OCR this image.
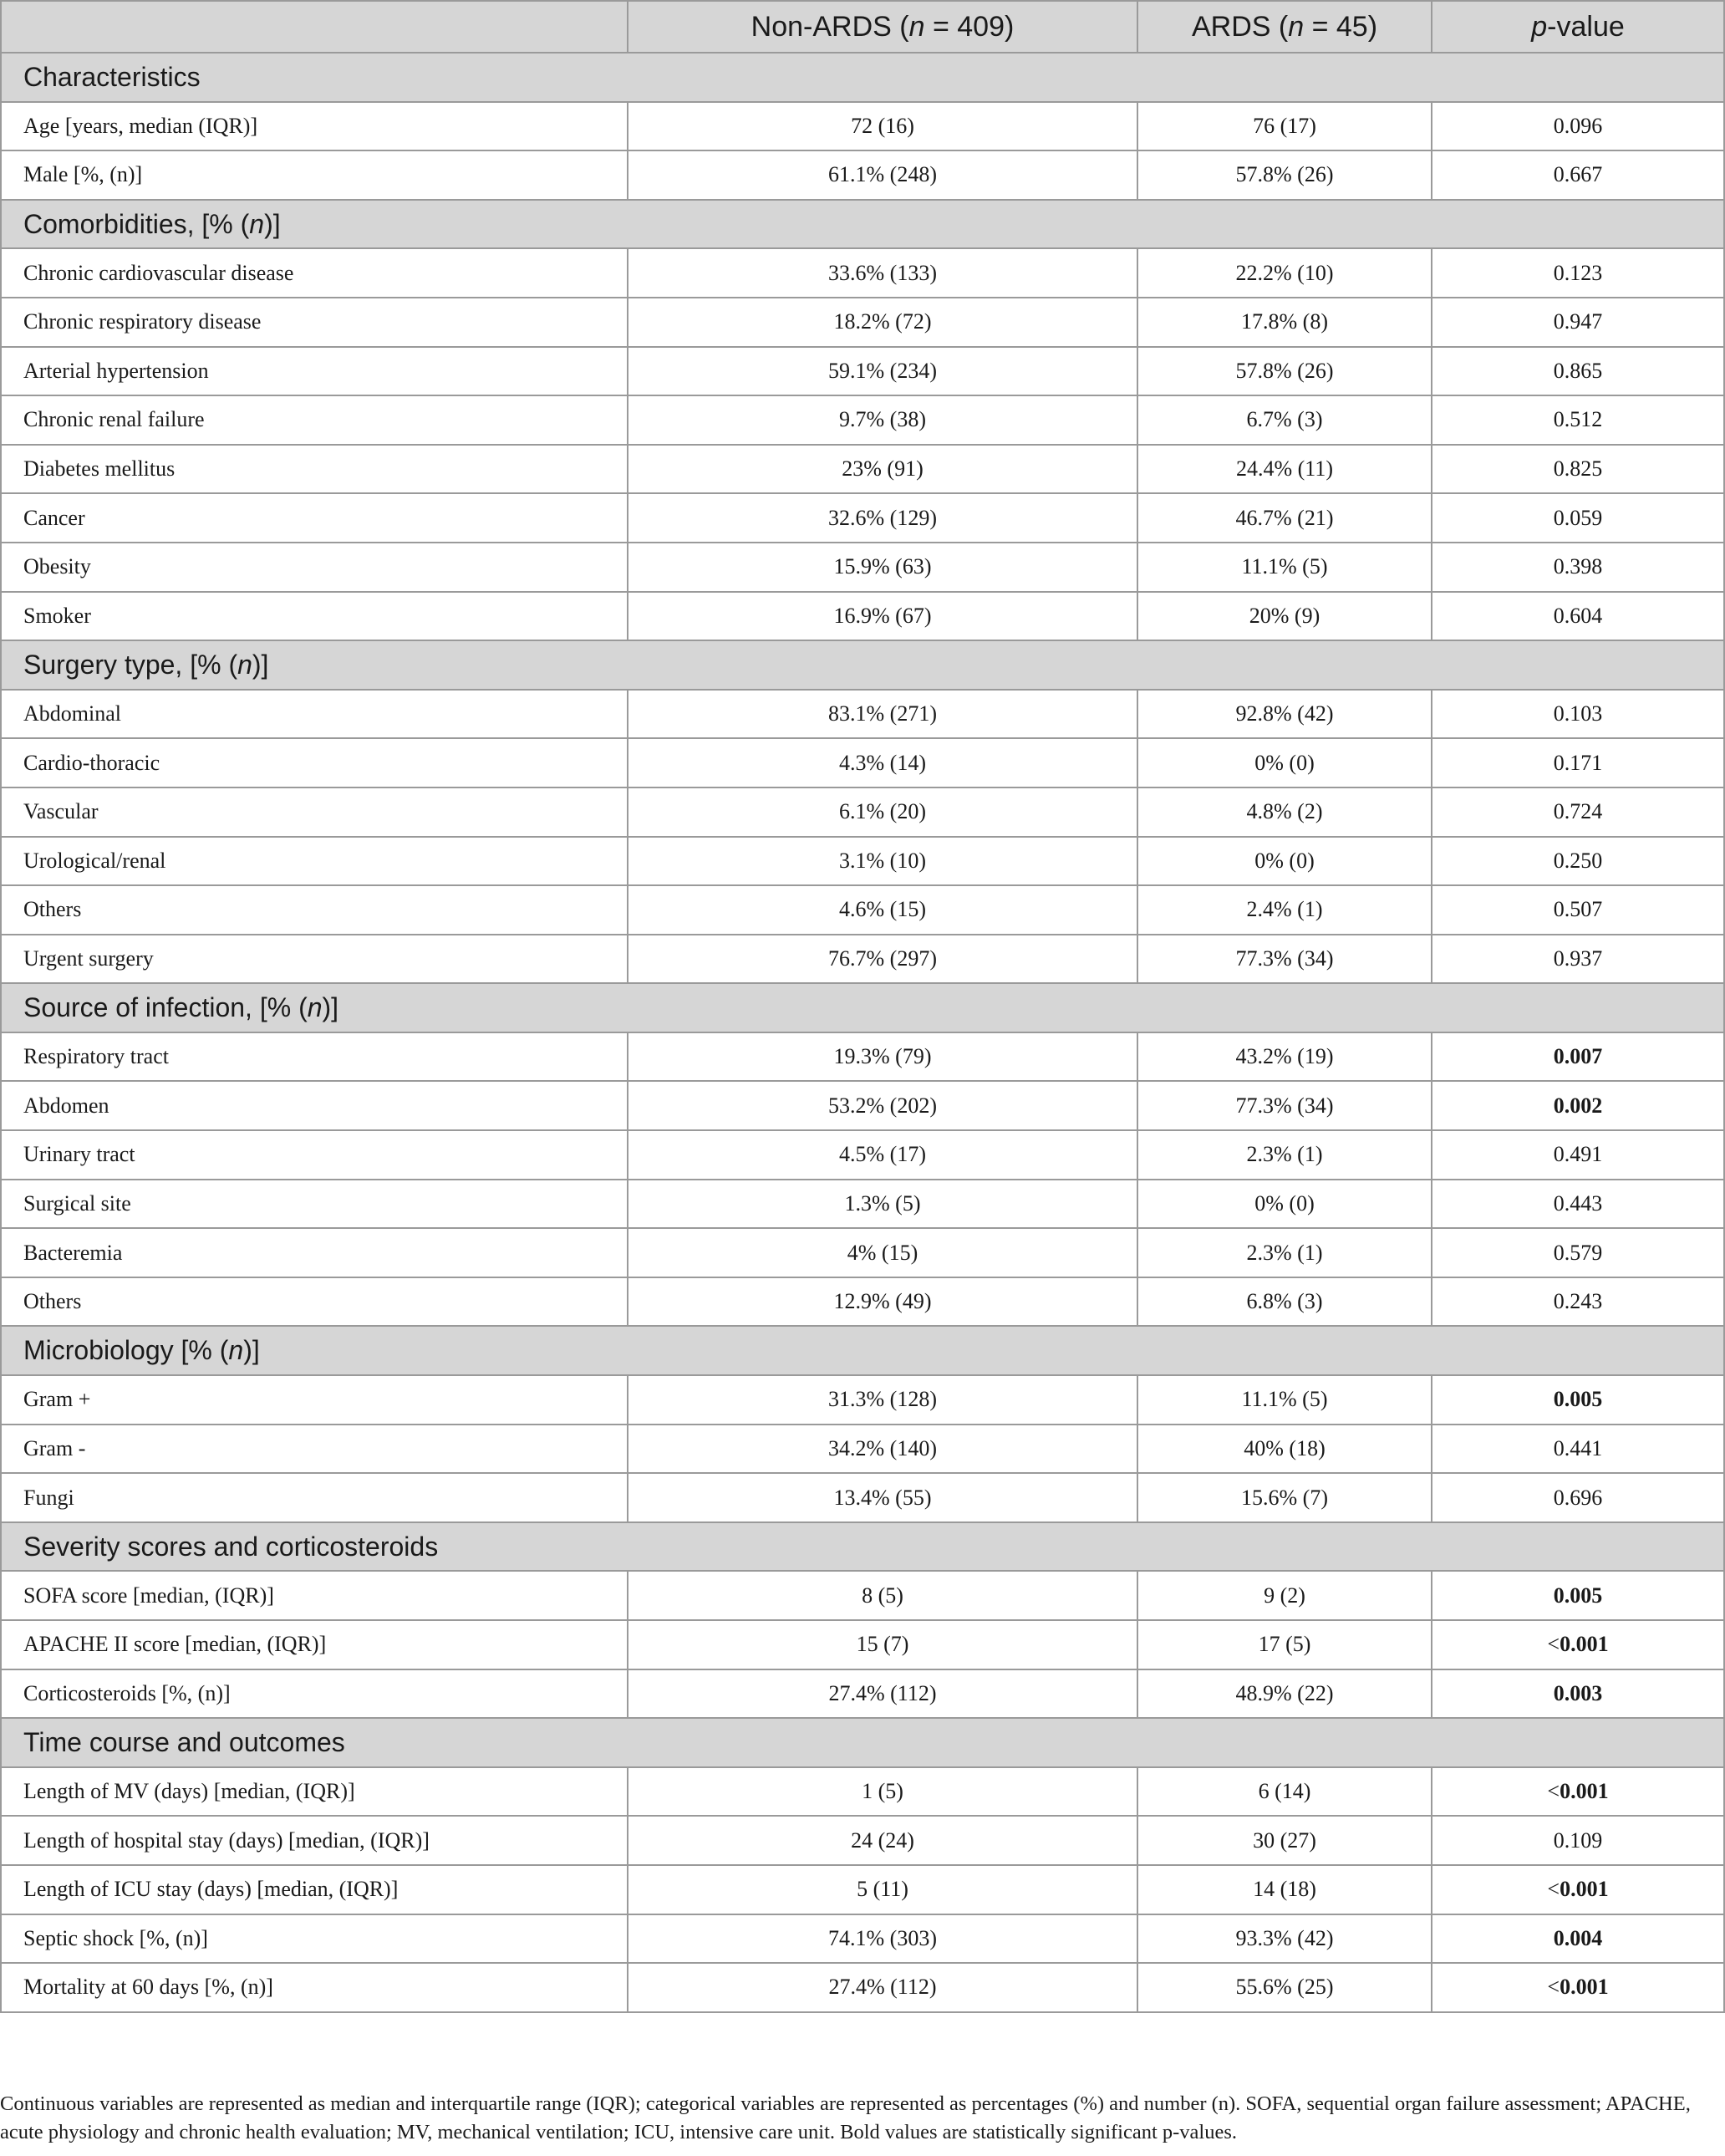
	Non-ARDS (n = 409)	ARDS (n = 45)	p-value
Characteristics			
Age [years, median (IQR)]	72 (16)	76 (17)	0.096
Male [%, (n)]	61.1% (248)	57.8% (26)	0.667
Comorbidities, [% (n)]			
Chronic cardiovascular disease	33.6% (133)	22.2% (10)	0.123
Chronic respiratory disease	18.2% (72)	17.8% (8)	0.947
Arterial hypertension	59.1% (234)	57.8% (26)	0.865
Chronic renal failure	9.7% (38)	6.7% (3)	0.512
Diabetes mellitus	23% (91)	24.4% (11)	0.825
Cancer	32.6% (129)	46.7% (21)	0.059
Obesity	15.9% (63)	11.1% (5)	0.398
Smoker	16.9% (67)	20% (9)	0.604
Surgery type, [% (n)]			
Abdominal	83.1% (271)	92.8% (42)	0.103
Cardio-thoracic	4.3% (14)	0% (0)	0.171
Vascular	6.1% (20)	4.8% (2)	0.724
Urological/renal	3.1% (10)	0% (0)	0.250
Others	4.6% (15)	2.4% (1)	0.507
Urgent surgery	76.7% (297)	77.3% (34)	0.937
Source of infection, [% (n)]			
Respiratory tract	19.3% (79)	43.2% (19)	0.007
Abdomen	53.2% (202)	77.3% (34)	0.002
Urinary tract	4.5% (17)	2.3% (1)	0.491
Surgical site	1.3% (5)	0% (0)	0.443
Bacteremia	4% (15)	2.3% (1)	0.579
Others	12.9% (49)	6.8% (3)	0.243
Microbiology [% (n)]			
Gram +	31.3% (128)	11.1% (5)	0.005
Gram -	34.2% (140)	40% (18)	0.441
Fungi	13.4% (55)	15.6% (7)	0.696
Severity scores and corticosteroids			
SOFA score [median, (IQR)]	8 (5)	9 (2)	0.005
APACHE II score [median, (IQR)]	15 (7)	17 (5)	<0.001
Corticosteroids [%, (n)]	27.4% (112)	48.9% (22)	0.003
Time course and outcomes			
Length of MV (days) [median, (IQR)]	1 (5)	6 (14)	<0.001
Length of hospital stay (days) [median, (IQR)]	24 (24)	30 (27)	0.109
Length of ICU stay (days) [median, (IQR)]	5 (11)	14 (18)	<0.001
Septic shock [%, (n)]	74.1% (303)	93.3% (42)	0.004
Mortality at 60 days [%, (n)]	27.4% (112)	55.6% (25)	<0.001
Continuous variables are represented as median and interquartile range (IQR); categorical variables are represented as percentages (%) and number (n). SOFA, sequential organ failure assessment; APACHE, acute physiology and chronic health evaluation; MV, mechanical ventilation; ICU, intensive care unit. Bold values are statistically significant p-values.
